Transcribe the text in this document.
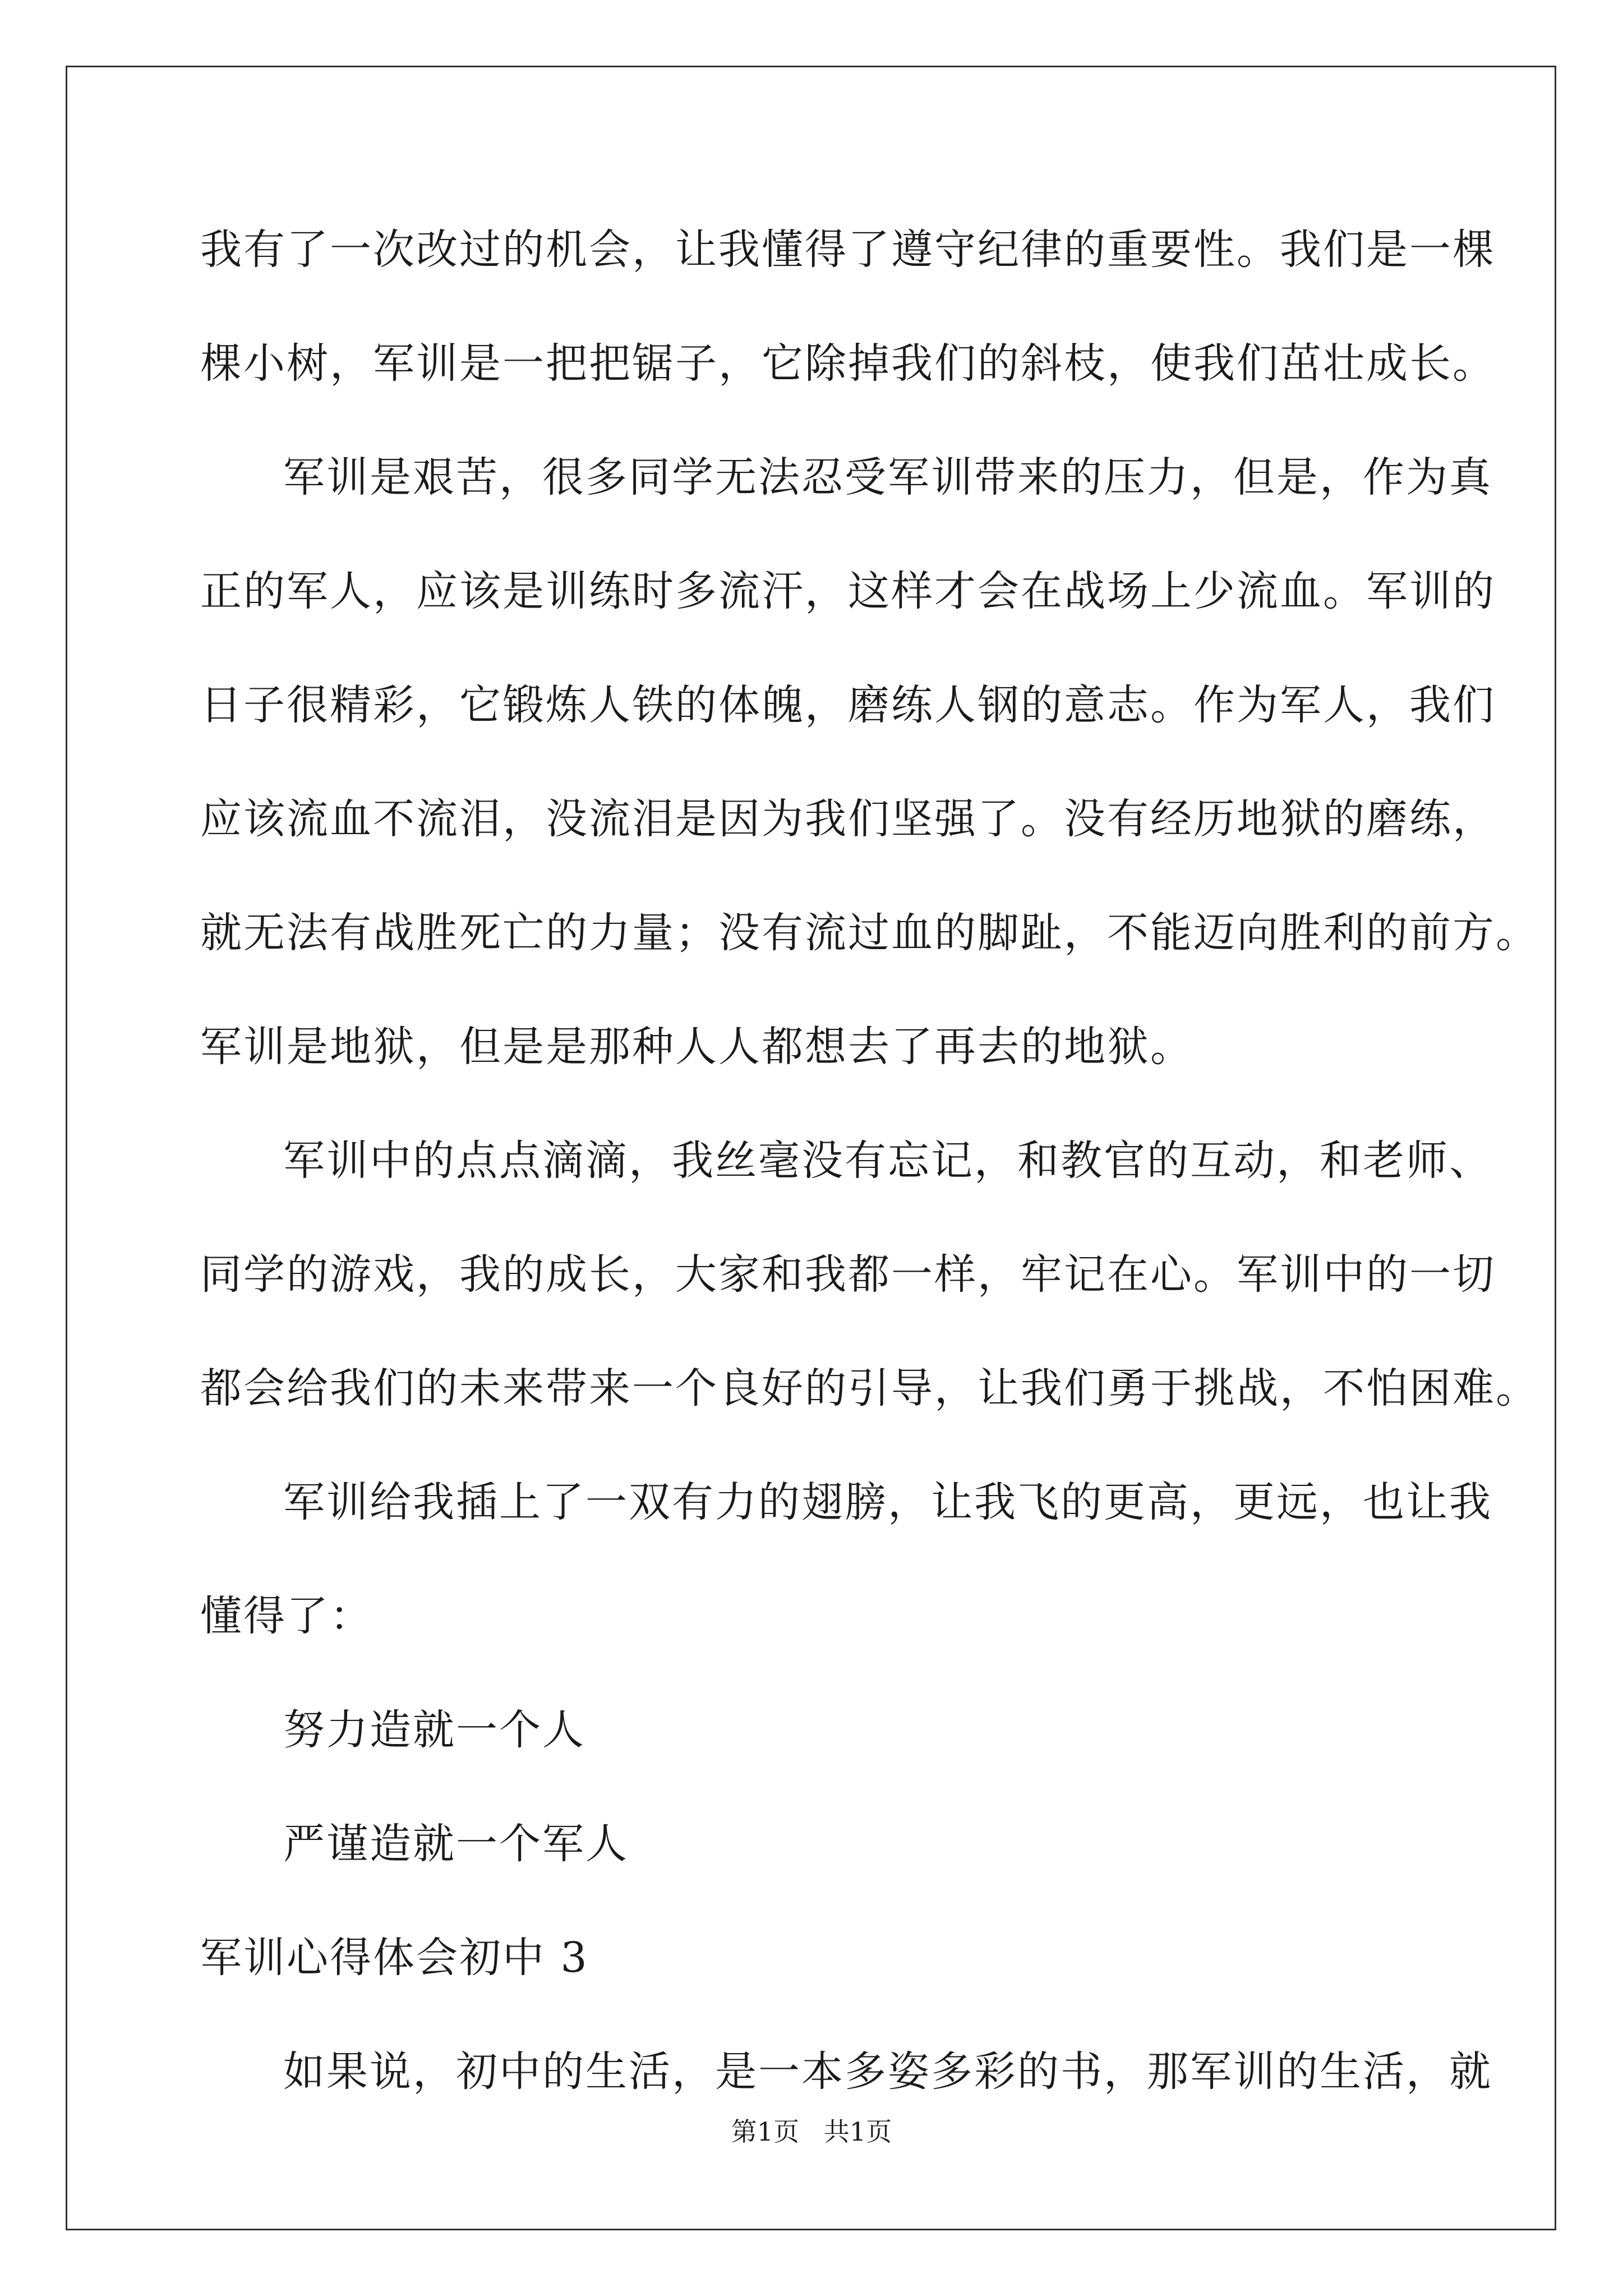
我有了一次改过的机会，让我懂得了遵守纪律的重要性。我们是一棵
棵小树，军训是一把把锯子，它除掉我们的斜枝，使我们茁壮成长。
军训是艰苦，很多同学无法忍受军训带来的压力，但是，作为真
正的军人，应该是训练时多流汗，这样才会在战场上少流血。军训的
日子很精彩，它锻炼人铁的体魄，磨练人钢的意志。作为军人，我们
应该流血不流泪，没流泪是因为我们坚强了。没有经历地狱的磨练，
就无法有战胜死亡的力量；没有流过血的脚趾，不能迈向胜利的前方。
军训是地狱，但是是那种人人都想去了再去的地狱。
军训中的点点滴滴，我丝毫没有忘记，和教官的互动，和老师、
同学的游戏，我的成长，大家和我都一样，牢记在心。军训中的一切
都会给我们的未来带来一个良好的引导，让我们勇于挑战，不怕困难。
军训给我插上了一双有力的翅膀，让我飞的更高，更远，也让我
懂得了：
努力造就一个人
严谨造就一个军人
军训心得体会初中 3
如果说，初中的生活，是一本多姿多彩的书，那军训的生活，就
第1页   共1页
